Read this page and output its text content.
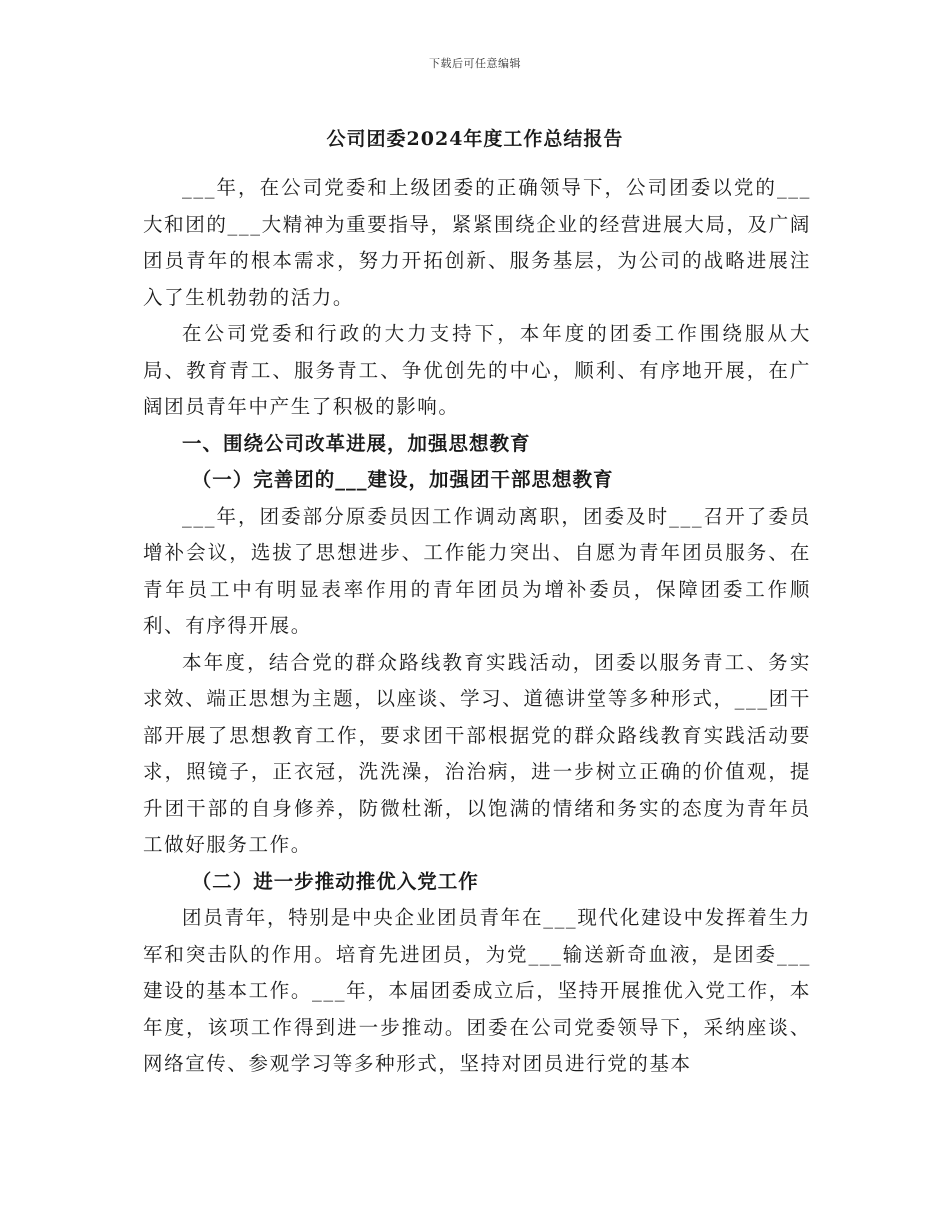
下载后可任意编辑
公司团委2024年度工作总结报告

___年，在公司党委和上级团委的正确领导下，公司团委以党的___大和团的___大精神为重要指导，紧紧围绕企业的经营进展大局，及广阔团员青年的根本需求，努力开拓创新、服务基层，为公司的战略进展注入了生机勃勃的活力。

在公司党委和行政的大力支持下，本年度的团委工作围绕服从大局、教育青工、服务青工、争优创先的中心，顺利、有序地开展，在广阔团员青年中产生了积极的影响。

一、围绕公司改革进展，加强思想教育

（一）完善团的___建设，加强团干部思想教育

___年，团委部分原委员因工作调动离职，团委及时___召开了委员增补会议，选拔了思想进步、工作能力突出、自愿为青年团员服务、在青年员工中有明显表率作用的青年团员为增补委员，保障团委工作顺利、有序得开展。

本年度，结合党的群众路线教育实践活动，团委以服务青工、务实求效、端正思想为主题，以座谈、学习、道德讲堂等多种形式，___团干部开展了思想教育工作，要求团干部根据党的群众路线教育实践活动要求，照镜子，正衣冠，洗洗澡，治治病，进一步树立正确的价值观，提升团干部的自身修养，防微杜渐，以饱满的情绪和务实的态度为青年员工做好服务工作。

（二）进一步推动推优入党工作

团员青年，特别是中央企业团员青年在___现代化建设中发挥着生力军和突击队的作用。培育先进团员，为党___输送新奇血液，是团委___建设的基本工作。___年，本届团委成立后，坚持开展推优入党工作，本年度，该项工作得到进一步推动。团委在公司党委领导下，采纳座谈、网络宣传、参观学习等多种形式，坚持对团员进行党的基本
